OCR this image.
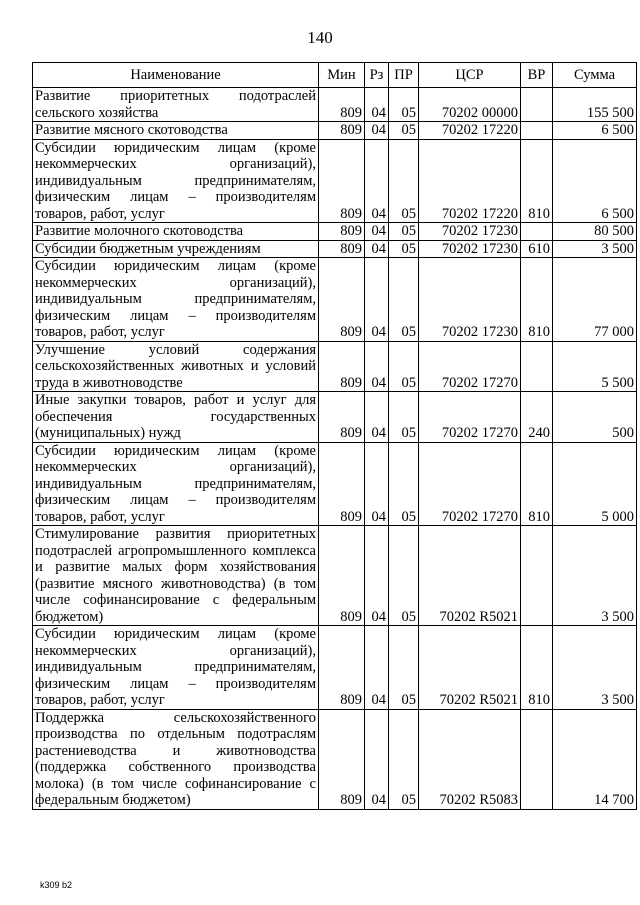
140
Наименование	Мин	Рз	ПР	ЦСР	ВР	Сумма
Развитие приоритетных подотраслей сельского хозяйства	809	04	05	70202 00000		155 500
Развитие мясного скотоводства	809	04	05	70202 17220		6 500
Субсидии юридическим лицам (кроме некоммерческих организаций), индивидуальным предпринимателям, физическим лицам – производителям товаров, работ, услуг	809	04	05	70202 17220	810	6 500
Развитие молочного скотоводства	809	04	05	70202 17230		80 500
Субсидии бюджетным учреждениям	809	04	05	70202 17230	610	3 500
Субсидии юридическим лицам (кроме некоммерческих организаций), индивидуальным предпринимателям, физическим лицам – производителям товаров, работ, услуг	809	04	05	70202 17230	810	77 000
Улучшение условий содержания сельскохозяйственных животных и условий труда в животноводстве	809	04	05	70202 17270		5 500
Иные закупки товаров, работ и услуг для обеспечения государственных (муниципальных) нужд	809	04	05	70202 17270	240	500
Субсидии юридическим лицам (кроме некоммерческих организаций), индивидуальным предпринимателям, физическим лицам – производителям товаров, работ, услуг	809	04	05	70202 17270	810	5 000
Стимулирование развития приоритетных подотраслей агропромышленного комплекса и развитие малых форм хозяйствования (развитие мясного животноводства) (в том числе софинансирование с федеральным бюджетом)	809	04	05	70202 R5021		3 500
Субсидии юридическим лицам (кроме некоммерческих организаций), индивидуальным предпринимателям, физическим лицам – производителям товаров, работ, услуг	809	04	05	70202 R5021	810	3 500
Поддержка сельскохозяйственного производства по отдельным подотраслям растениеводства и животноводства (поддержка собственного производства молока) (в том числе софинансирование с федеральным бюджетом)	809	04	05	70202 R5083		14 700
k309 b2
